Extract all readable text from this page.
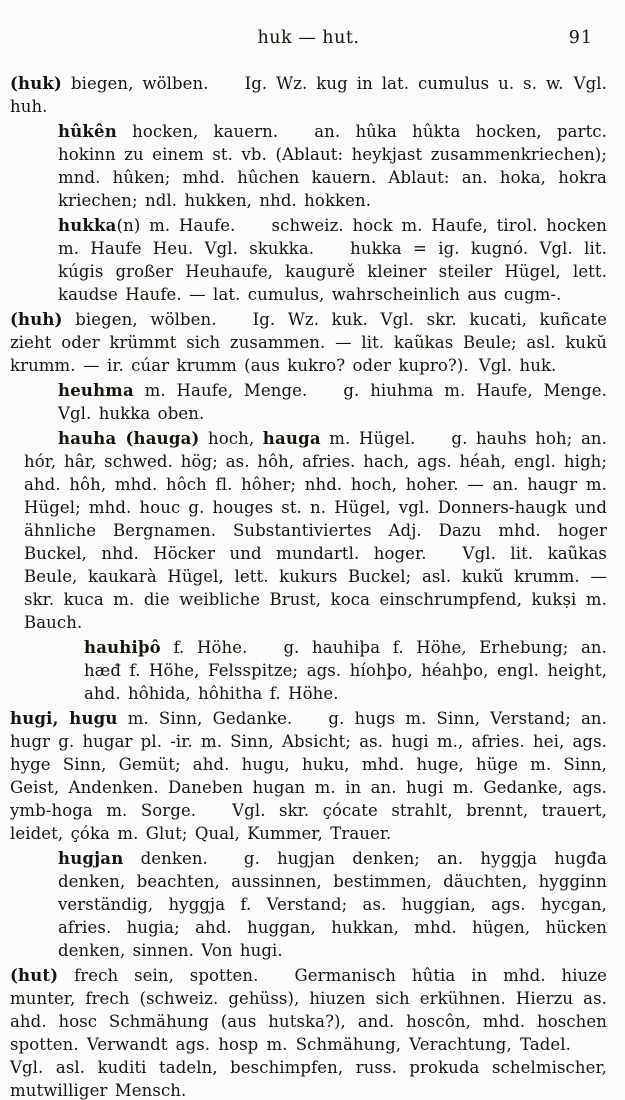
huk — hut.	91

(huk) biegen, wölben. Ig. Wz. kug in lat. cumulus u. s. w. Vgl. huh.

hûkên hocken, kauern. an. hûka hûkta hocken, partc. hokinn zu einem st. vb. (Ablaut: heykjast zusammenkriechen); mnd. hûken; mhd. hûchen kauern. Ablaut: an. hoka, hokra kriechen; ndl. hukken, nhd. hokken.

hukka(n) m. Haufe. schweiz. hock m. Haufe, tirol. hocken m. Haufe Heu. Vgl. skukka. hukka = ig. kugnó. Vgl. lit. kúgis großer Heuhaufe, kaugurě kleiner steiler Hügel, lett. kaudse Haufe. — lat. cumulus, wahrscheinlich aus cugm-.

(huh) biegen, wölben. Ig. Wz. kuk. Vgl. skr. kucati, kuñcate zieht oder krümmt sich zusammen. — lit. kaũkas Beule; asl. kukŭ krumm. — ir. cúar krumm (aus kukro? oder kupro?). Vgl. huk.

heuhma m. Haufe, Menge. g. hiuhma m. Haufe, Menge. Vgl. hukka oben.

hauha (hauga) hoch, hauga m. Hügel. g. hauhs hoh; an. hór, hâr, schwed. hög; as. hôh, afries. hach, ags. héah, engl. high; ahd. hôh, mhd. hôch fl. hôher; nhd. hoch, hoher. — an. haugr m. Hügel; mhd. houc g. houges st. n. Hügel, vgl. Donners-haugk und ähnliche Bergnamen. Substantiviertes Adj. Dazu mhd. hoger Buckel, nhd. Höcker und mundartl. hoger. Vgl. lit. kaũkas Beule, kaukarà Hügel, lett. kukurs Buckel; asl. kukŭ krumm. — skr. kuca m. die weibliche Brust, koca einschrumpfend, kukṣi m. Bauch.

hauhiþô f. Höhe. g. hauhiþa f. Höhe, Erhebung; an. hæđ f. Höhe, Felsspitze; ags. híohþo, héahþo, engl. height, ahd. hôhida, hôhitha f. Höhe.

hugi, hugu m. Sinn, Gedanke. g. hugs m. Sinn, Verstand; an. hugr g. hugar pl. -ir. m. Sinn, Absicht; as. hugi m., afries. hei, ags. hyge Sinn, Gemüt; ahd. hugu, huku, mhd. huge, hüge m. Sinn, Geist, Andenken. Daneben hugan m. in an. hugi m. Gedanke, ags. ymb-hoga m. Sorge. Vgl. skr. çócate strahlt, brennt, trauert, leidet, çóka m. Glut; Qual, Kummer, Trauer.

hugjan denken. g. hugjan denken; an. hyggja hugđa denken, beachten, aussinnen, bestimmen, däuchten, hygginn verständig, hyggja f. Verstand; as. huggian, ags. hycgan, afries. hugia; ahd. huggan, hukkan, mhd. hügen, hücken denken, sinnen. Von hugi.

(hut) frech sein, spotten. Germanisch hûtia in mhd. hiuze munter, frech (schweiz. gehüss), hiuzen sich erkühnen. Hierzu as. ahd. hosc Schmähung (aus hutska?), and. hoscôn, mhd. hoschen spotten. Verwandt ags. hosp m. Schmähung, Verachtung, Tadel.Vgl. asl. kuditi tadeln, beschimpfen, russ. prokuda schelmischer, mutwilliger Mensch.
